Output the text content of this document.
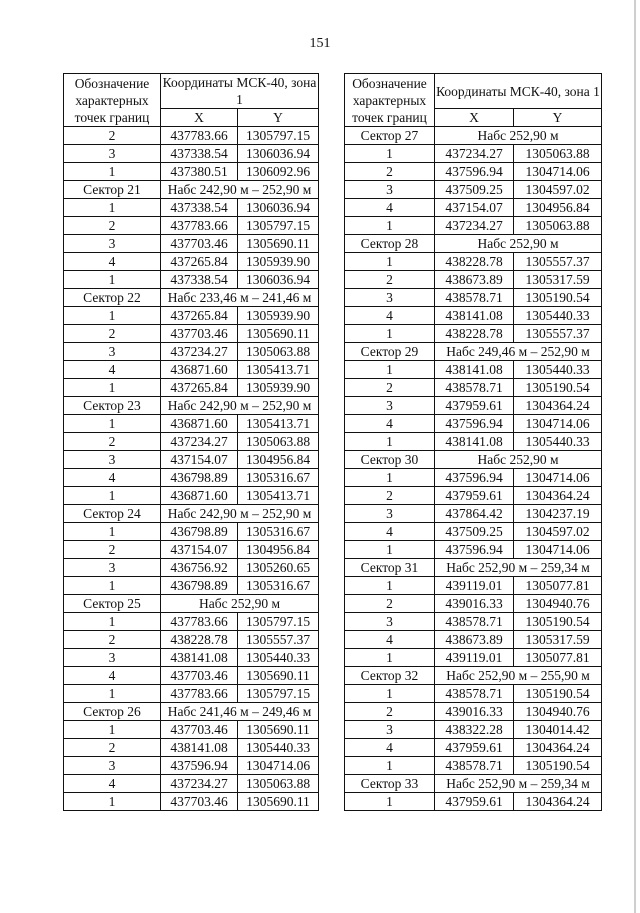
151
Обозначение характерных точек границ	Координаты МСК-40, зона 1	
	X	Y
2	437783.66	1305797.15
3	437338.54	1306036.94
1	437380.51	1306092.96
Сектор 21	Набс 242,90 м – 252,90 м	
1	437338.54	1306036.94
2	437783.66	1305797.15
3	437703.46	1305690.11
4	437265.84	1305939.90
1	437338.54	1306036.94
Сектор 22	Набс 233,46 м – 241,46 м	
1	437265.84	1305939.90
2	437703.46	1305690.11
3	437234.27	1305063.88
4	436871.60	1305413.71
1	437265.84	1305939.90
Сектор 23	Набс 242,90 м – 252,90 м	
1	436871.60	1305413.71
2	437234.27	1305063.88
3	437154.07	1304956.84
4	436798.89	1305316.67
1	436871.60	1305413.71
Сектор 24	Набс 242,90 м – 252,90 м	
1	436798.89	1305316.67
2	437154.07	1304956.84
3	436756.92	1305260.65
1	436798.89	1305316.67
Сектор 25	Набс 252,90 м	
1	437783.66	1305797.15
2	438228.78	1305557.37
3	438141.08	1305440.33
4	437703.46	1305690.11
1	437783.66	1305797.15
Сектор 26	Набс 241,46 м – 249,46 м	
1	437703.46	1305690.11
2	438141.08	1305440.33
3	437596.94	1304714.06
4	437234.27	1305063.88
1	437703.46	1305690.11
Обозначение характерных точек границ	Координаты МСК-40, зона 1	
	X	Y
Сектор 27	Набс 252,90 м	
1	437234.27	1305063.88
2	437596.94	1304714.06
3	437509.25	1304597.02
4	437154.07	1304956.84
1	437234.27	1305063.88
Сектор 28	Набс 252,90 м	
1	438228.78	1305557.37
2	438673.89	1305317.59
3	438578.71	1305190.54
4	438141.08	1305440.33
1	438228.78	1305557.37
Сектор 29	Набс 249,46 м – 252,90 м	
1	438141.08	1305440.33
2	438578.71	1305190.54
3	437959.61	1304364.24
4	437596.94	1304714.06
1	438141.08	1305440.33
Сектор 30	Набс 252,90 м	
1	437596.94	1304714.06
2	437959.61	1304364.24
3	437864.42	1304237.19
4	437509.25	1304597.02
1	437596.94	1304714.06
Сектор 31	Набс 252,90 м – 259,34 м	
1	439119.01	1305077.81
2	439016.33	1304940.76
3	438578.71	1305190.54
4	438673.89	1305317.59
1	439119.01	1305077.81
Сектор 32	Набс 252,90 м – 255,90 м	
1	438578.71	1305190.54
2	439016.33	1304940.76
3	438322.28	1304014.42
4	437959.61	1304364.24
1	438578.71	1305190.54
Сектор 33	Набс 252,90 м – 259,34 м	
1	437959.61	1304364.24
